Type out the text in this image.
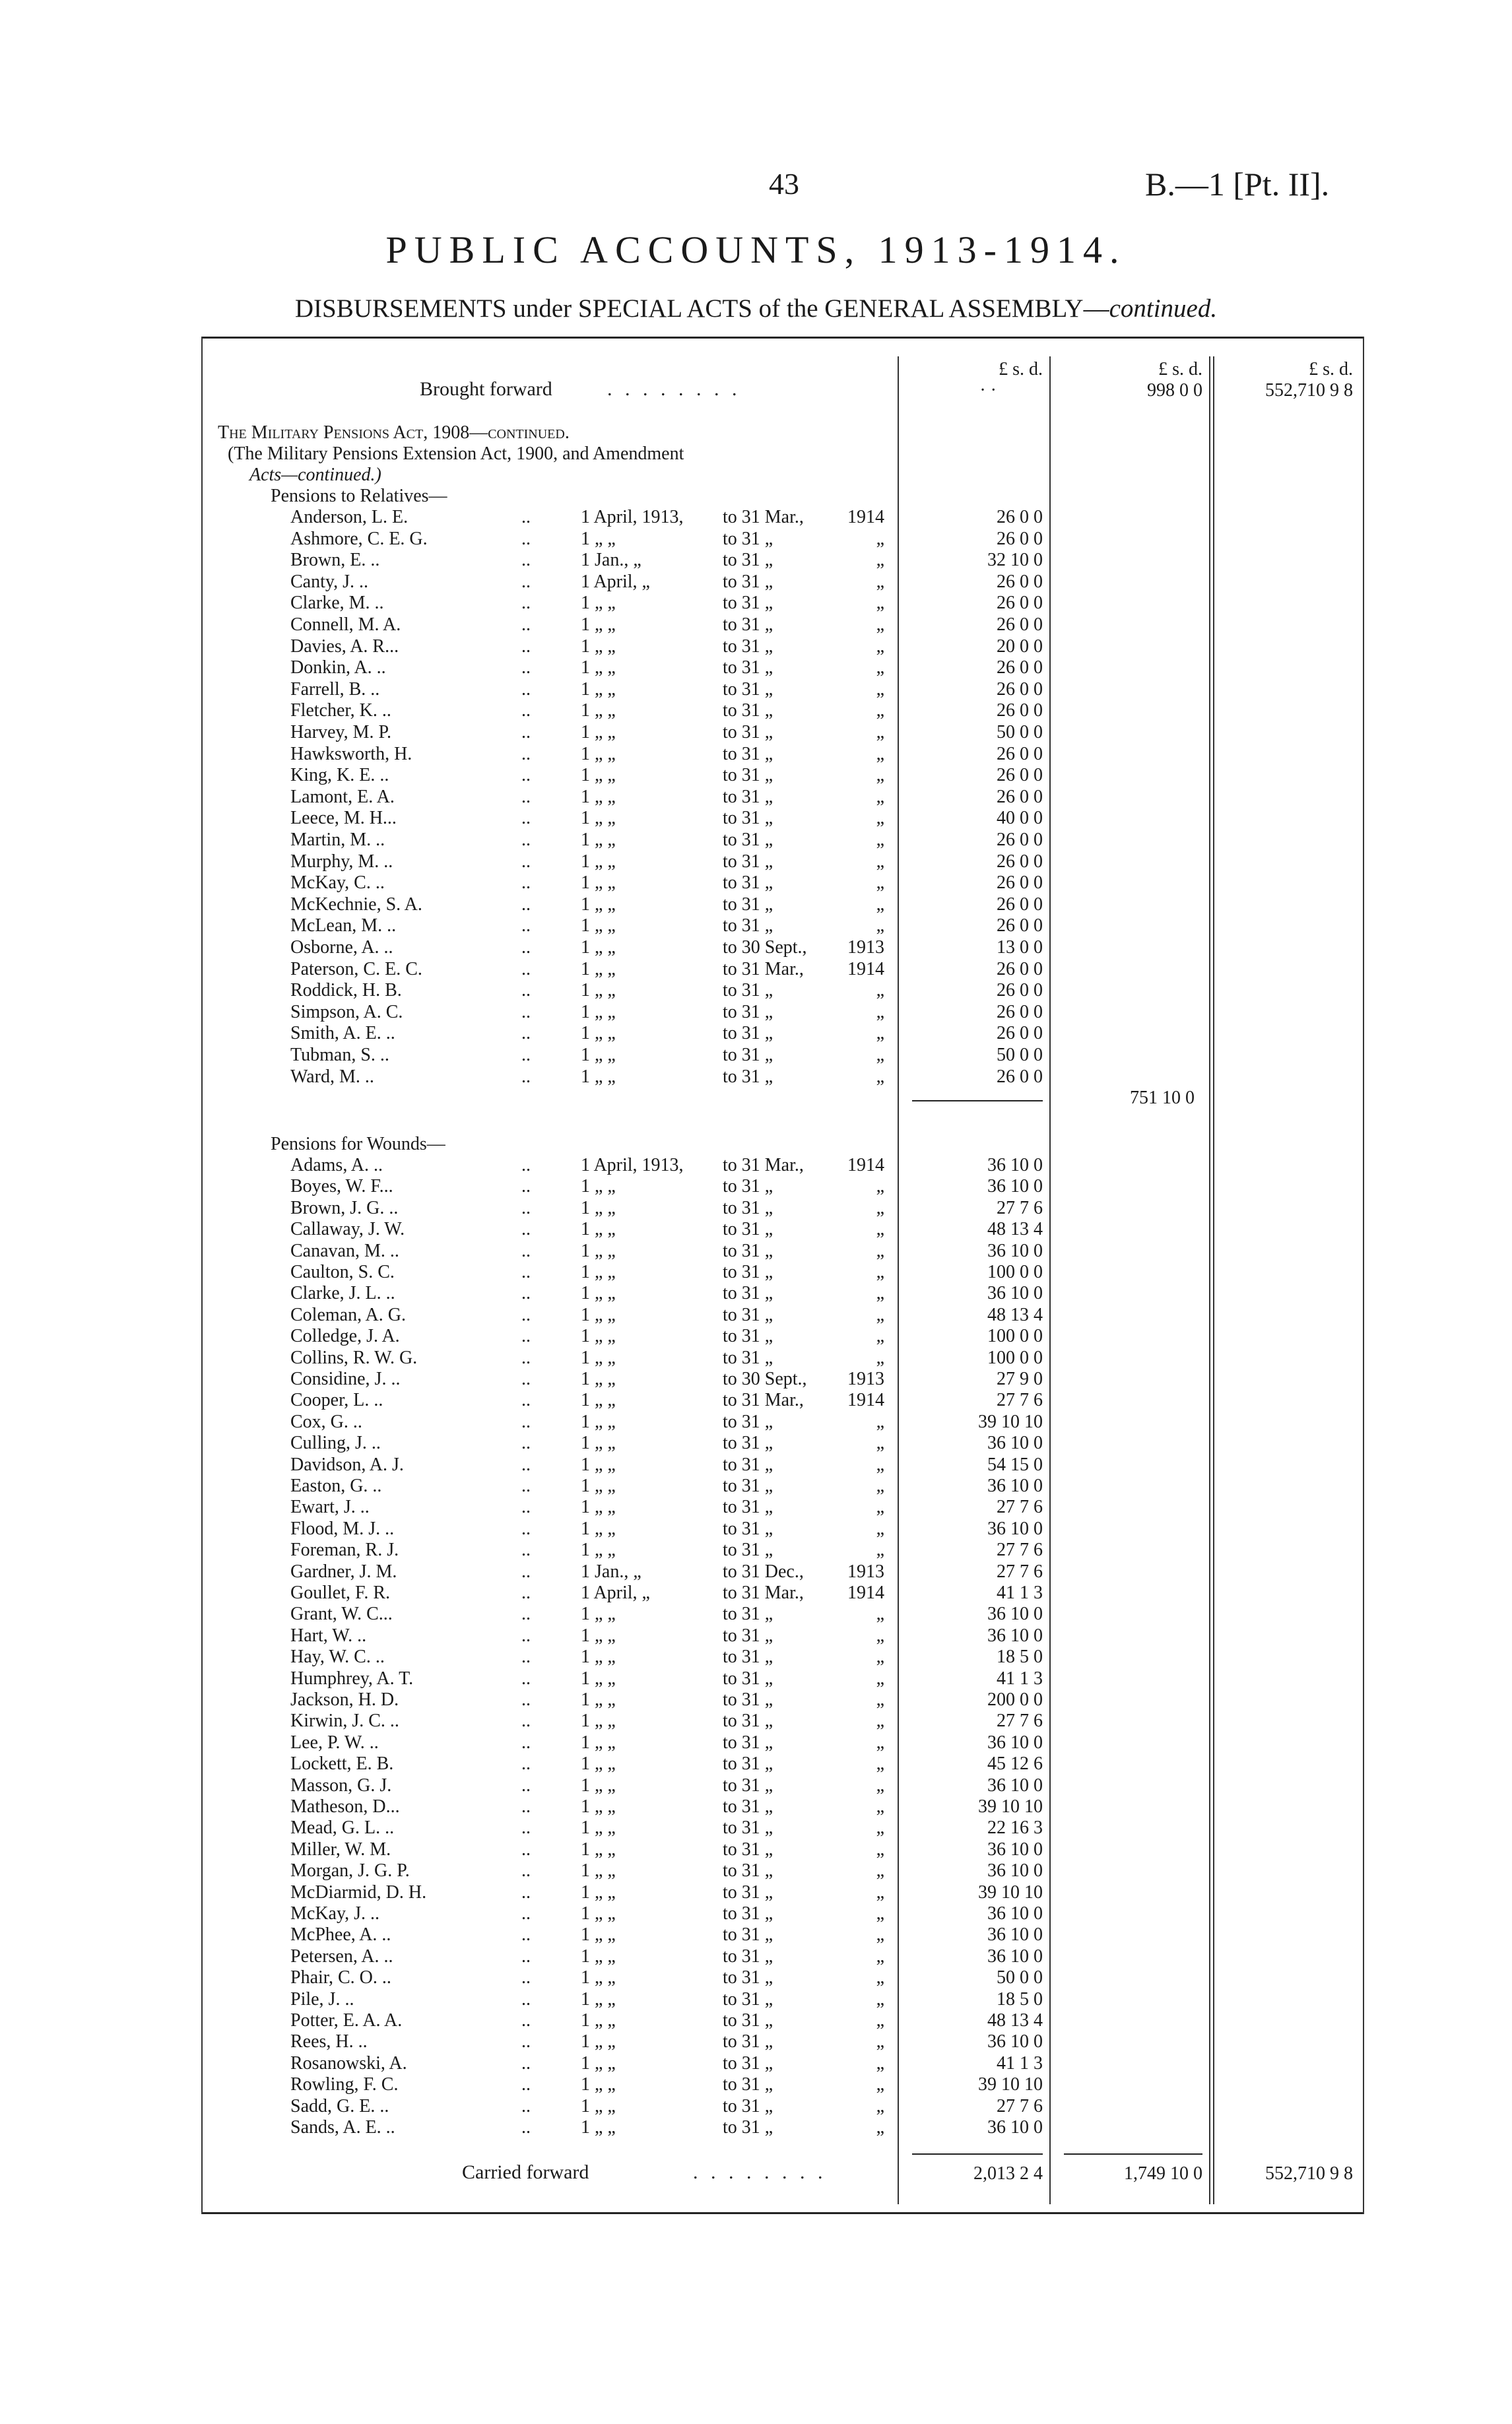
43	B.—1 [Pt. II].
PUBLIC ACCOUNTS, 1913-1914.
DISBURSEMENTS under SPECIAL ACTS of the GENERAL ASSEMBLY—continued.
£ s. d.	£ s. d.	£ s. d.
Brought forward	. . . . . . . .	· ·	998 0 0	552,710 9 8
The Military Pensions Act, 1908—continued.
(The Military Pensions Extension Act, 1900, and Amendment
Acts—continued.)
Pensions to Relatives—
Anderson, L. E.	..	1 April, 1913, to 31 Mar., 1914	26 0 0
Ashmore, C. E. G.	..	1 „ „	to 31 „	„	26 0 0
Brown, E. ..	..	1 Jan., „	to 31 „	„	32 10 0
Canty, J. ..	..	1 April, „	to 31 „	„	26 0 0
Clarke, M. ..	..	1 „ „	to 31 „	„	26 0 0
Connell, M. A.	..	1 „ „	to 31 „	„	26 0 0
Davies, A. R...	..	1 „ „	to 31 „	„	20 0 0
Donkin, A. ..	..	1 „ „	to 31 „	„	26 0 0
Farrell, B. ..	..	1 „ „	to 31 „	„	26 0 0
Fletcher, K. ..	..	1 „ „	to 31 „	„	26 0 0
Harvey, M. P.	..	1 „ „	to 31 „	„	50 0 0
Hawksworth, H.	..	1 „ „	to 31 „	„	26 0 0
King, K. E. ..	..	1 „ „	to 31 „	„	26 0 0
Lamont, E. A.	..	1 „ „	to 31 „	„	26 0 0
Leece, M. H...	..	1 „ „	to 31 „	„	40 0 0
Martin, M. ..	..	1 „ „	to 31 „	„	26 0 0
Murphy, M. ..	..	1 „ „	to 31 „	„	26 0 0
McKay, C. ..	..	1 „ „	to 31 „	„	26 0 0
McKechnie, S. A.	..	1 „ „	to 31 „	„	26 0 0
McLean, M. ..	..	1 „ „	to 31 „	„	26 0 0
Osborne, A. ..	..	1 „ „	to 30 Sept., 1913	13 0 0
Paterson, C. E. C.	..	1 „ „	to 31 Mar., 1914	26 0 0
Roddick, H. B.	..	1 „ „	to 31 „	„	26 0 0
Simpson, A. C.	..	1 „ „	to 31 „	„	26 0 0
Smith, A. E. ..	..	1 „ „	to 31 „	„	26 0 0
Tubman, S. ..	..	1 „ „	to 31 „	„	50 0 0
Ward, M. ..	..	1 „ „	to 31 „	„	26 0 0
751 10 0
Pensions for Wounds—
Adams, A. ..	..	1 April, 1913, to 31 Mar., 1914	36 10 0
Boyes, W. F...	..	1 „ „	to 31 „	„	36 10 0
Brown, J. G. ..	..	1 „ „	to 31 „	„	27 7 6
Callaway, J. W.	..	1 „ „	to 31 „	„	48 13 4
Canavan, M. ..	..	1 „ „	to 31 „	„	36 10 0
Caulton, S. C.	..	1 „ „	to 31 „	„	100 0 0
Clarke, J. L. ..	..	1 „ „	to 31 „	„	36 10 0
Coleman, A. G.	..	1 „ „	to 31 „	„	48 13 4
Colledge, J. A.	..	1 „ „	to 31 „	„	100 0 0
Collins, R. W. G.	..	1 „ „	to 31 „	„	100 0 0
Considine, J. ..	..	1 „ „	to 30 Sept., 1913	27 9 0
Cooper, L. ..	..	1 „ „	to 31 Mar., 1914	27 7 6
Cox, G. ..	..	1 „ „	to 31 „	„	39 10 10
Culling, J. ..	..	1 „ „	to 31 „	„	36 10 0
Davidson, A. J.	..	1 „ „	to 31 „	„	54 15 0
Easton, G. ..	..	1 „ „	to 31 „	„	36 10 0
Ewart, J. ..	..	1 „ „	to 31 „	„	27 7 6
Flood, M. J. ..	..	1 „ „	to 31 „	„	36 10 0
Foreman, R. J.	..	1 „ „	to 31 „	„	27 7 6
Gardner, J. M.	..	1 Jan., „	to 31 Dec., 1913	27 7 6
Goullet, F. R.	..	1 April, „	to 31 Mar., 1914	41 1 3
Grant, W. C...	..	1 „ „	to 31 „	„	36 10 0
Hart, W. ..	..	1 „ „	to 31 „	„	36 10 0
Hay, W. C. ..	..	1 „ „	to 31 „	„	18 5 0
Humphrey, A. T.	..	1 „ „	to 31 „	„	41 1 3
Jackson, H. D.	..	1 „ „	to 31 „	„	200 0 0
Kirwin, J. C. ..	..	1 „ „	to 31 „	„	27 7 6
Lee, P. W. ..	..	1 „ „	to 31 „	„	36 10 0
Lockett, E. B.	..	1 „ „	to 31 „	„	45 12 6
Masson, G. J.	..	1 „ „	to 31 „	„	36 10 0
Matheson, D...	..	1 „ „	to 31 „	„	39 10 10
Mead, G. L. ..	..	1 „ „	to 31 „	„	22 16 3
Miller, W. M.	..	1 „ „	to 31 „	„	36 10 0
Morgan, J. G. P.	..	1 „ „	to 31 „	„	36 10 0
McDiarmid, D. H.	..	1 „ „	to 31 „	„	39 10 10
McKay, J. ..	..	1 „ „	to 31 „	„	36 10 0
McPhee, A. ..	..	1 „ „	to 31 „	„	36 10 0
Petersen, A. ..	..	1 „ „	to 31 „	„	36 10 0
Phair, C. O. ..	..	1 „ „	to 31 „	„	50 0 0
Pile, J. ..	..	1 „ „	to 31 „	„	18 5 0
Potter, E. A. A.	..	1 „ „	to 31 „	„	48 13 4
Rees, H. ..	..	1 „ „	to 31 „	„	36 10 0
Rosanowski, A.	..	1 „ „	to 31 „	„	41 1 3
Rowling, F. C.	..	1 „ „	to 31 „	„	39 10 10
Sadd, G. E. ..	..	1 „ „	to 31 „	„	27 7 6
Sands, A. E. ..	..	1 „ „	to 31 „	„	36 10 0
Carried forward	. . . . . . . .	2,013 2 4	1,749 10 0	552,710 9 8
